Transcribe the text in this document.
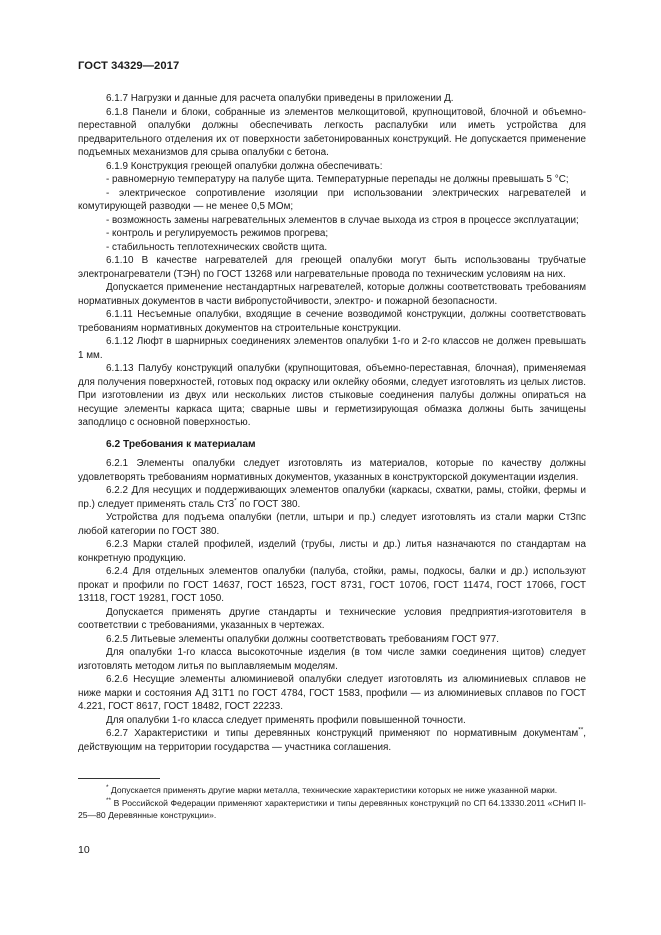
ГОСТ 34329—2017

6.1.7 Нагрузки и данные для расчета опалубки приведены в приложении Д.

6.1.8 Панели и блоки, собранные из элементов мелкощитовой, крупнощитовой, блочной и объемно-переставной опалубки должны обеспечивать легкость распалубки или иметь устройства для предварительного отделения их от поверхности забетонированных конструкций. Не допускается применение подъемных механизмов для срыва опалубки с бетона.

6.1.9 Конструкция греющей опалубки должна обеспечивать:

- равномерную температуру на палубе щита. Температурные перепады не должны превышать 5 °С;

- электрическое сопротивление изоляции при использовании электрических нагревателей и комутирующей разводки — не менее 0,5 МОм;

- возможность замены нагревательных элементов в случае выхода из строя в процессе эксплуатации;

- контроль и регулируемость режимов прогрева;

- стабильность теплотехнических свойств щита.

6.1.10 В качестве нагревателей для греющей опалубки могут быть использованы трубчатые электронагреватели (ТЭН) по ГОСТ 13268 или нагревательные провода по техническим условиям на них.

Допускается применение нестандартных нагревателей, которые должны соответствовать требованиям нормативных документов в части вибропустойчивости, электро- и пожарной безопасности.

6.1.11 Несъемные опалубки, входящие в сечение возводимой конструкции, должны соответствовать требованиям нормативных документов на строительные конструкции.

6.1.12 Люфт в шарнирных соединениях элементов опалубки 1-го и 2-го классов не должен превышать 1 мм.

6.1.13 Палубу конструкций опалубки (крупнощитовая, объемно-переставная, блочная), применяемая для получения поверхностей, готовых под окраску или оклейку обоями, следует изготовлять из целых листов. При изготовлении из двух или нескольких листов стыковые соединения палубы должны опираться на несущие элементы каркаса щита; сварные швы и герметизирующая обмазка должны быть зачищены заподлицо с основной поверхностью.

6.2 Требования к материалам

6.2.1 Элементы опалубки следует изготовлять из материалов, которые по качеству должны удовлетворять требованиям нормативных документов, указанных в конструкторской документации изделия.

6.2.2 Для несущих и поддерживающих элементов опалубки (каркасы, схватки, рамы, стойки, фермы и пр.) следует применять сталь Ст3* по ГОСТ 380.

Устройства для подъема опалубки (петли, штыри и пр.) следует изготовлять из стали марки Ст3пс любой категории по ГОСТ 380.

6.2.3 Марки сталей профилей, изделий (трубы, листы и др.) литья назначаются по стандартам на конкретную продукцию.

6.2.4 Для отдельных элементов опалубки (палуба, стойки, рамы, подкосы, балки и др.) используют прокат и профили по ГОСТ 14637, ГОСТ 16523, ГОСТ 8731, ГОСТ 10706, ГОСТ 11474, ГОСТ 17066, ГОСТ 13118, ГОСТ 19281, ГОСТ 1050.

Допускается применять другие стандарты и технические условия предприятия-изготовителя в соответствии с требованиями, указанных в чертежах.

6.2.5 Литьевые элементы опалубки должны соответствовать требованиям ГОСТ 977.

Для опалубки 1-го класса высокоточные изделия (в том числе замки соединения щитов) следует изготовлять методом литья по выплавляемым моделям.

6.2.6 Несущие элементы алюминиевой опалубки следует изготовлять из алюминиевых сплавов не ниже марки и состояния АД 31Т1 по ГОСТ 4784, ГОСТ 1583, профили — из алюминиевых сплавов по ГОСТ 4.221, ГОСТ 8617, ГОСТ 18482, ГОСТ 22233.

Для опалубки 1-го класса следует применять профили повышенной точности.

6.2.7 Характеристики и типы деревянных конструкций применяют по нормативным документам**, действующим на территории государства — участника соглашения.

* Допускается применять другие марки металла, технические характеристики которых не ниже указанной марки.

** В Российской Федерации применяют характеристики и типы деревянных конструкций по СП 64.13330.2011 «СНиП II-25—80 Деревянные конструкции».

10
